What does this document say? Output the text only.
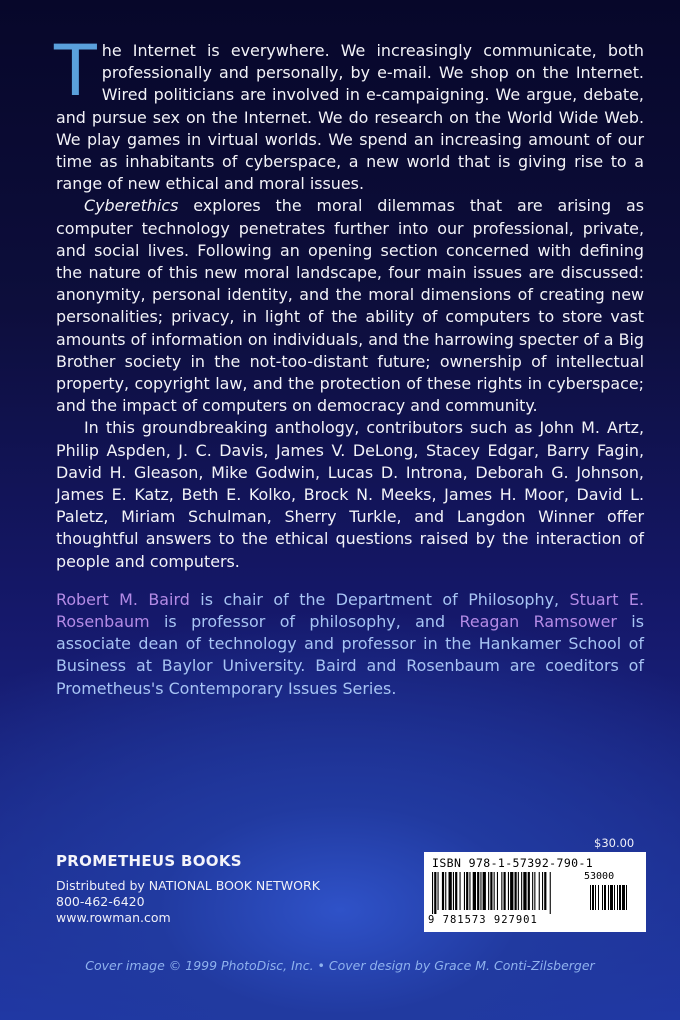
The Internet is everywhere. We increasingly communicate, both professionally and personally, by e-mail. We shop on the Internet. Wired politicians are involved in e-campaigning. We argue, debate, and pursue sex on the Internet. We do research on the World Wide Web. We play games in virtual worlds. We spend an increasing amount of our time as inhabitants of cyberspace, a new world that is giving rise to a range of new ethical and moral issues.

Cyberethics explores the moral dilemmas that are arising as computer technology penetrates further into our professional, private, and social lives. Following an opening section concerned with defining the nature of this new moral landscape, four main issues are discussed: anonymity, personal identity, and the moral dimensions of creating new personalities; privacy, in light of the ability of computers to store vast amounts of information on individuals, and the harrowing specter of a Big Brother society in the not-too-distant future; ownership of intellectual property, copyright law, and the protection of these rights in cyberspace; and the impact of computers on democracy and community.

In this groundbreaking anthology, contributors such as John M. Artz, Philip Aspden, J. C. Davis, James V. DeLong, Stacey Edgar, Barry Fagin, David H. Gleason, Mike Godwin, Lucas D. Introna, Deborah G. Johnson, James E. Katz, Beth E. Kolko, Brock N. Meeks, James H. Moor, David L. Paletz, Miriam Schulman, Sherry Turkle, and Langdon Winner offer thoughtful answers to the ethical questions raised by the interaction of people and computers.

Robert M. Baird is chair of the Department of Philosophy, Stuart E. Rosenbaum is professor of philosophy, and Reagan Ramsower is associate dean of technology and professor in the Hankamer School of Business at Baylor University. Baird and Rosenbaum are coeditors of Prometheus's Contemporary Issues Series.

PROMETHEUS BOOKS

Distributed by NATIONAL BOOK NETWORK

800-462-6420

www.rowman.com

$30.00
ISBN 978-1-57392-790-1
53000
9 781573 927901
Cover image © 1999 PhotoDisc, Inc. • Cover design by Grace M. Conti-Zilsberger
